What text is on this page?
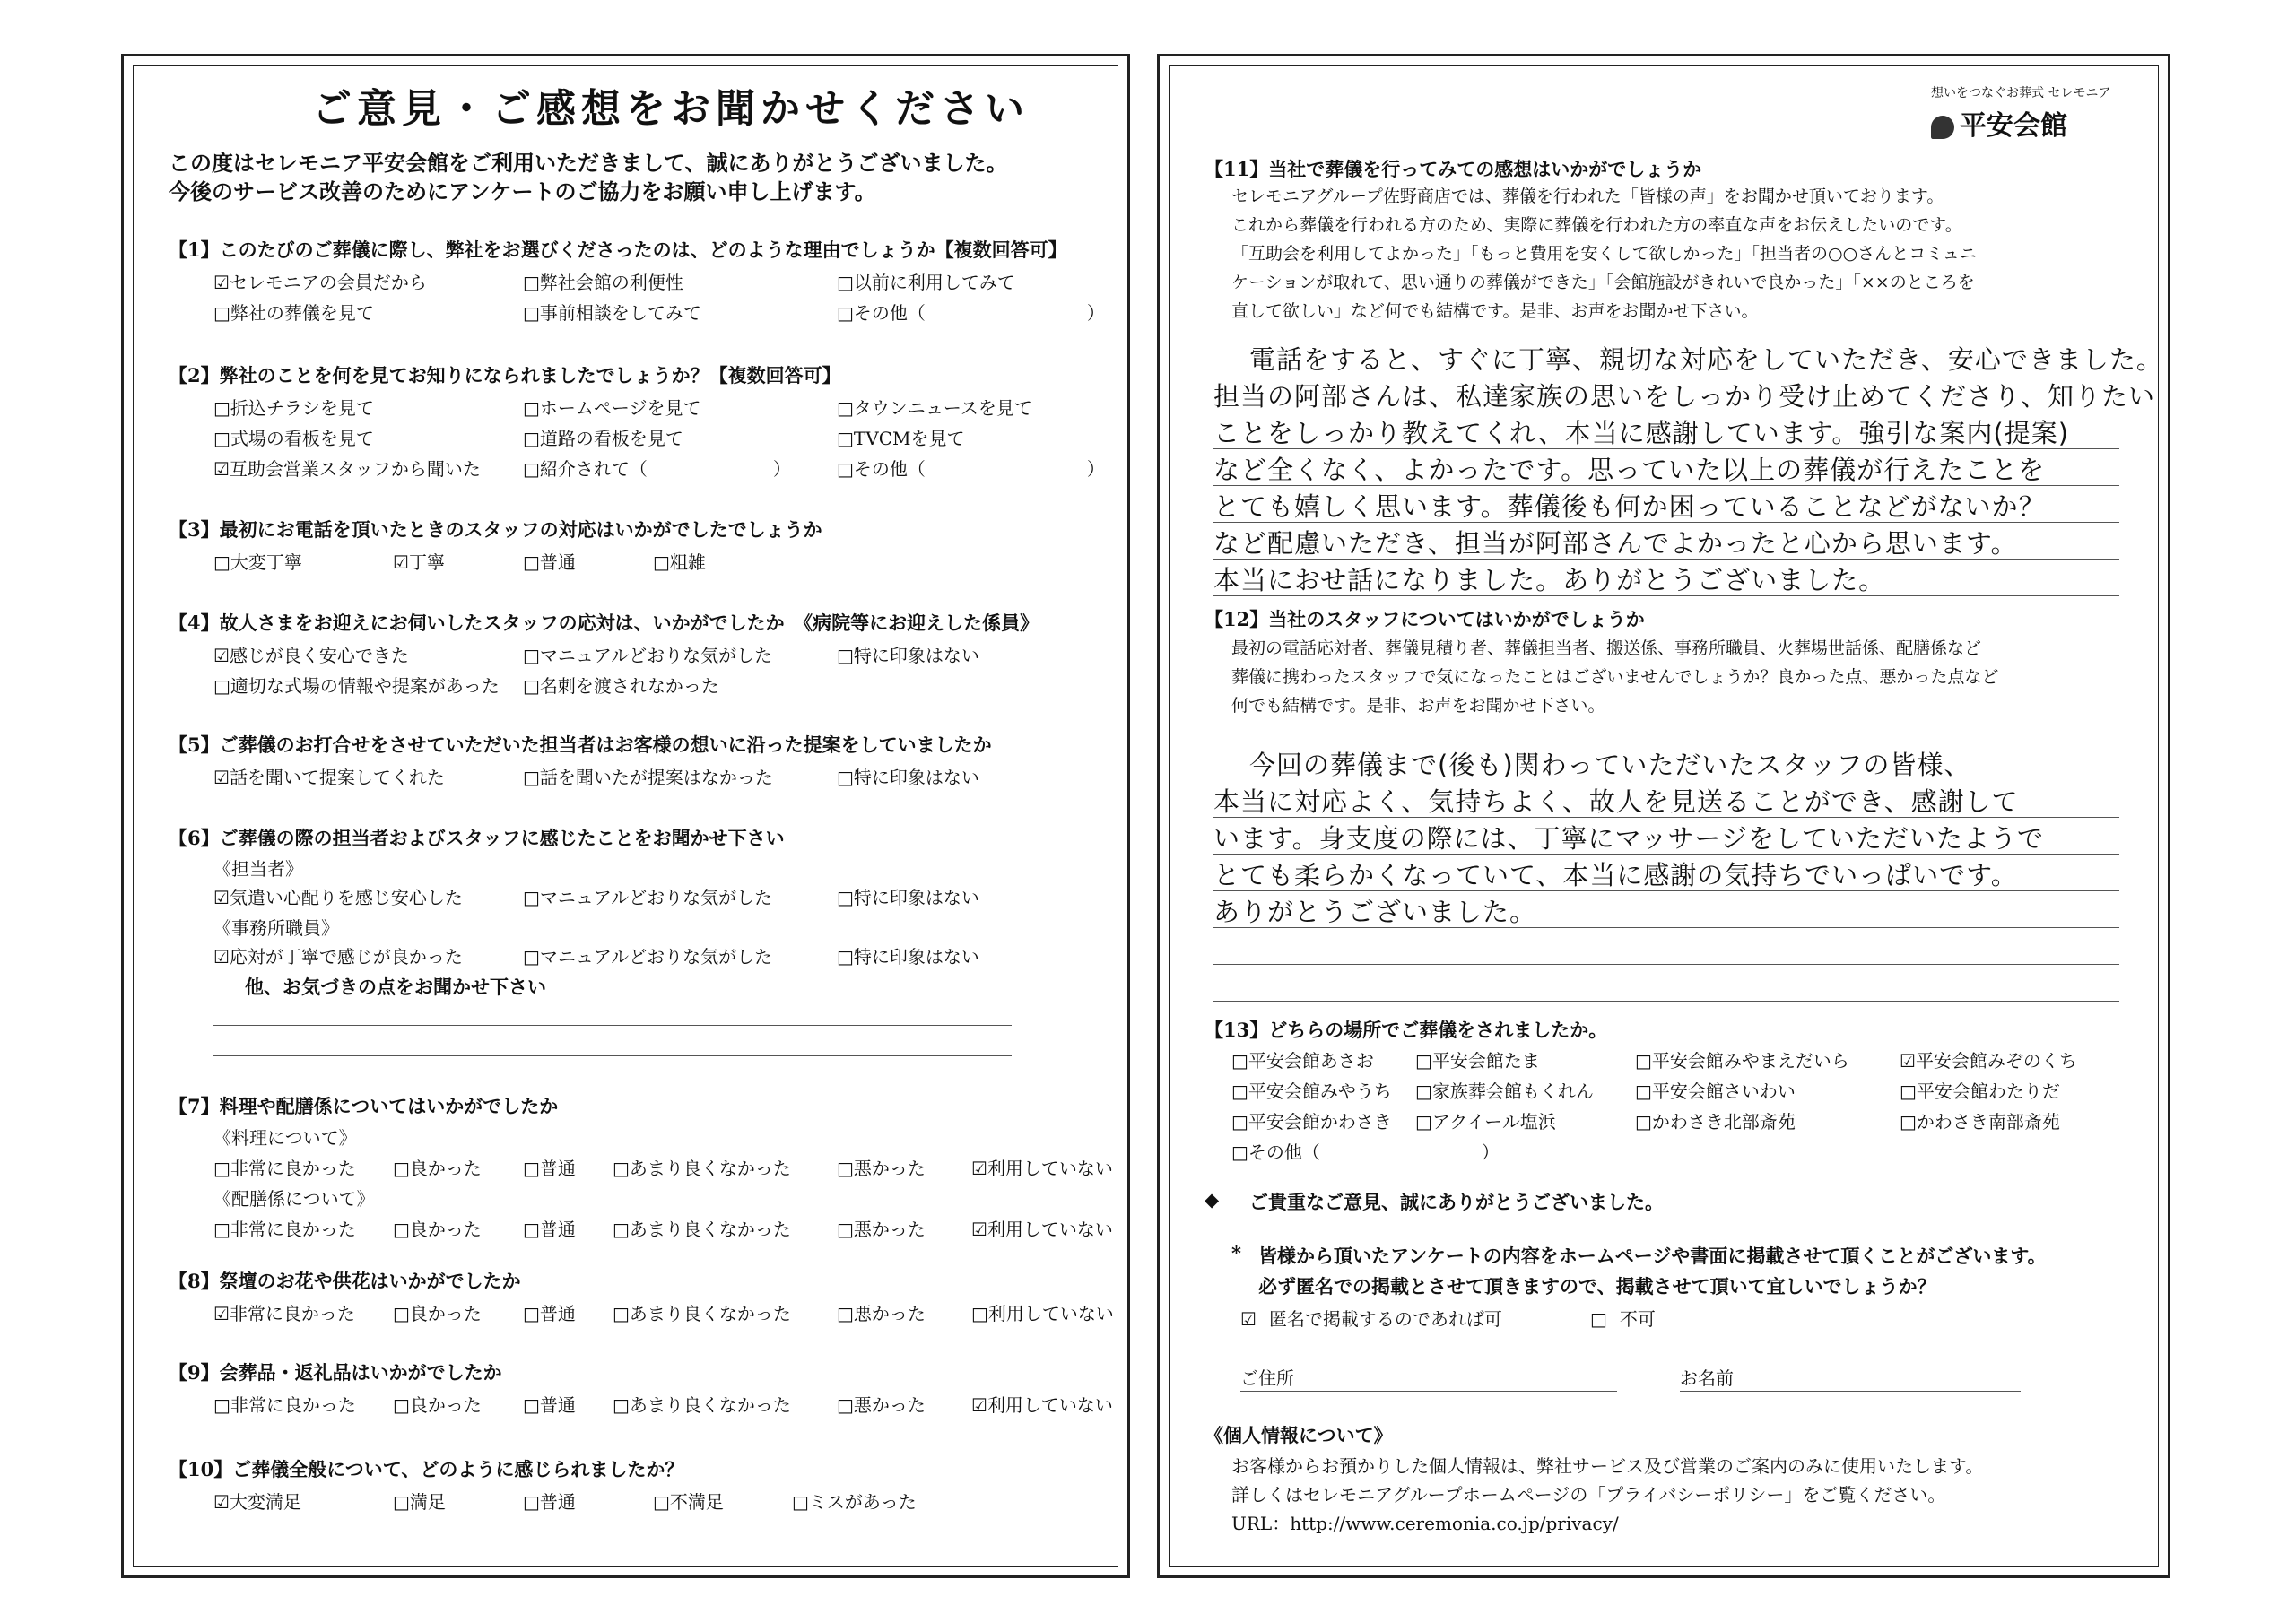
ご意見・ご感想をお聞かせください
この度はセレモニア平安会館をご利用いただきまして、誠にありがとうございました。
今後のサービス改善のためにアンケートのご協力をお願い申し上げます。
【1】このたびのご葬儀に際し、弊社をお選びくださったのは、どのような理由でしょうか【複数回答可】
☑ セレモニアの会員だから	□ 弊社会館の利便性	□ 以前に利用してみて
□ 弊社の葬儀を見て	□ 事前相談をしてみて	□ その他（　　　　　　　　　）
【2】弊社のことを何を見てお知りになられましたでしょうか？【複数回答可】
□ 折込チラシを見て	□ ホームページを見て	□ タウンニュースを見て
□ 式場の看板を見て	□ 道路の看板を見て	□ TVCMを見て
☑ 互助会営業スタッフから聞いた	□ 紹介されて（　　　　　　　）	□ その他（　　　　　　　　　）
【3】最初にお電話を頂いたときのスタッフの対応はいかがでしたでしょうか
□ 大変丁寧	☑ 丁寧	□ 普通	□ 粗雑
【4】故人さまをお迎えにお伺いしたスタッフの応対は、いかがでしたか　《病院等にお迎えした係員》
☑ 感じが良く安心できた	□ マニュアルどおりな気がした	□ 特に印象はない
□ 適切な式場の情報や提案があった	□ 名刺を渡されなかった
【5】ご葬儀のお打合せをさせていただいた担当者はお客様の想いに沿った提案をしていましたか
☑ 話を聞いて提案してくれた	□ 話を聞いたが提案はなかった	□ 特に印象はない
【6】ご葬儀の際の担当者およびスタッフに感じたことをお聞かせ下さい
《担当者》
☑ 気遣い心配りを感じ安心した	□ マニュアルどおりな気がした	□ 特に印象はない
《事務所職員》
☑ 応対が丁寧で感じが良かった	□ マニュアルどおりな気がした	□ 特に印象はない
他、お気づきの点をお聞かせ下さい
【7】料理や配膳係についてはいかがでしたか
《料理について》
□ 非常に良かった	□ 良かった	□ 普通	□ あまり良くなかった	□ 悪かった	☑ 利用していない
《配膳係について》
□ 非常に良かった	□ 良かった	□ 普通	□ あまり良くなかった	□ 悪かった	☑ 利用していない
【8】祭壇のお花や供花はいかがでしたか
☑ 非常に良かった	□ 良かった	□ 普通	□ あまり良くなかった	□ 悪かった	□ 利用していない
【9】会葬品・返礼品はいかがでしたか
□ 非常に良かった	□ 良かった	□ 普通	□ あまり良くなかった	□ 悪かった	☑ 利用していない
【10】ご葬儀全般について、どのように感じられましたか？
☑ 大変満足	□ 満足	□ 普通	□ 不満足	□ ミスがあった
想いをつなぐお葬式 セレモニア
平安会館
【11】当社で葬儀を行ってみての感想はいかがでしょうか
セレモニアグループ佐野商店では、葬儀を行われた「皆様の声」をお聞かせ頂いております。
これから葬儀を行われる方のため、実際に葬儀を行われた方の率直な声をお伝えしたいのです。
「互助会を利用してよかった」「もっと費用を安くして欲しかった」「担当者の○○さんとコミュニ
ケーションが取れて、思い通りの葬儀ができた」「会館施設がきれいで良かった」「××のところを
直して欲しい」など何でも結構です。是非、お声をお聞かせ下さい。
電話をすると、すぐに丁寧、親切な対応をしていただき、安心できました。
担当の阿部さんは、私達家族の思いをしっかり受け止めてくださり、知りたい
ことをしっかり教えてくれ、本当に感謝しています。強引な案内(提案)
など全くなく、よかったです。思っていた以上の葬儀が行えたことを
とても嬉しく思います。葬儀後も何か困っていることなどがないか？
など配慮いただき、担当が阿部さんでよかったと心から思います。
本当におせ話になりました。ありがとうございました。
【12】当社のスタッフについてはいかがでしょうか
最初の電話応対者、葬儀見積り者、葬儀担当者、搬送係、事務所職員、火葬場世話係、配膳係など
葬儀に携わったスタッフで気になったことはございませんでしょうか？良かった点、悪かった点など
何でも結構です。是非、お声をお聞かせ下さい。
今回の葬儀まで(後も)関わっていただいたスタッフの皆様、
本当に対応よく、気持ちよく、故人を見送ることができ、感謝して
います。身支度の際には、丁寧にマッサージをしていただいたようで
とても柔らかくなっていて、本当に感謝の気持ちでいっぱいです。
ありがとうございました。
【13】どちらの場所でご葬儀をされましたか。
□ 平安会館あさお	□ 平安会館たま	□ 平安会館みやまえだいら	☑ 平安会館みぞのくち
□ 平安会館みやうち	□ 家族葬会館もくれん	□ 平安会館さいわい	□ 平安会館わたりだ
□ 平安会館かわさき	□ アクイール塩浜	□ かわさき北部斎苑	□ かわさき南部斎苑
□ その他（　　　　　　　　　）
◆ ご貴重なご意見、誠にありがとうございました。
* 皆様から頂いたアンケートの内容をホームページや書面に掲載させて頂くことがございます。
必ず匿名での掲載とさせて頂きますので、掲載させて頂いて宜しいでしょうか？
☑ 匿名で掲載するのであれば可	□ 不可
ご住所	お名前
《個人情報について》
お客様からお預かりした個人情報は、弊社サービス及び営業のご案内のみに使用いたします。
詳しくはセレモニアグループホームページの「プライバシーポリシー」をご覧ください。
URL：http://www.ceremonia.co.jp/privacy/
